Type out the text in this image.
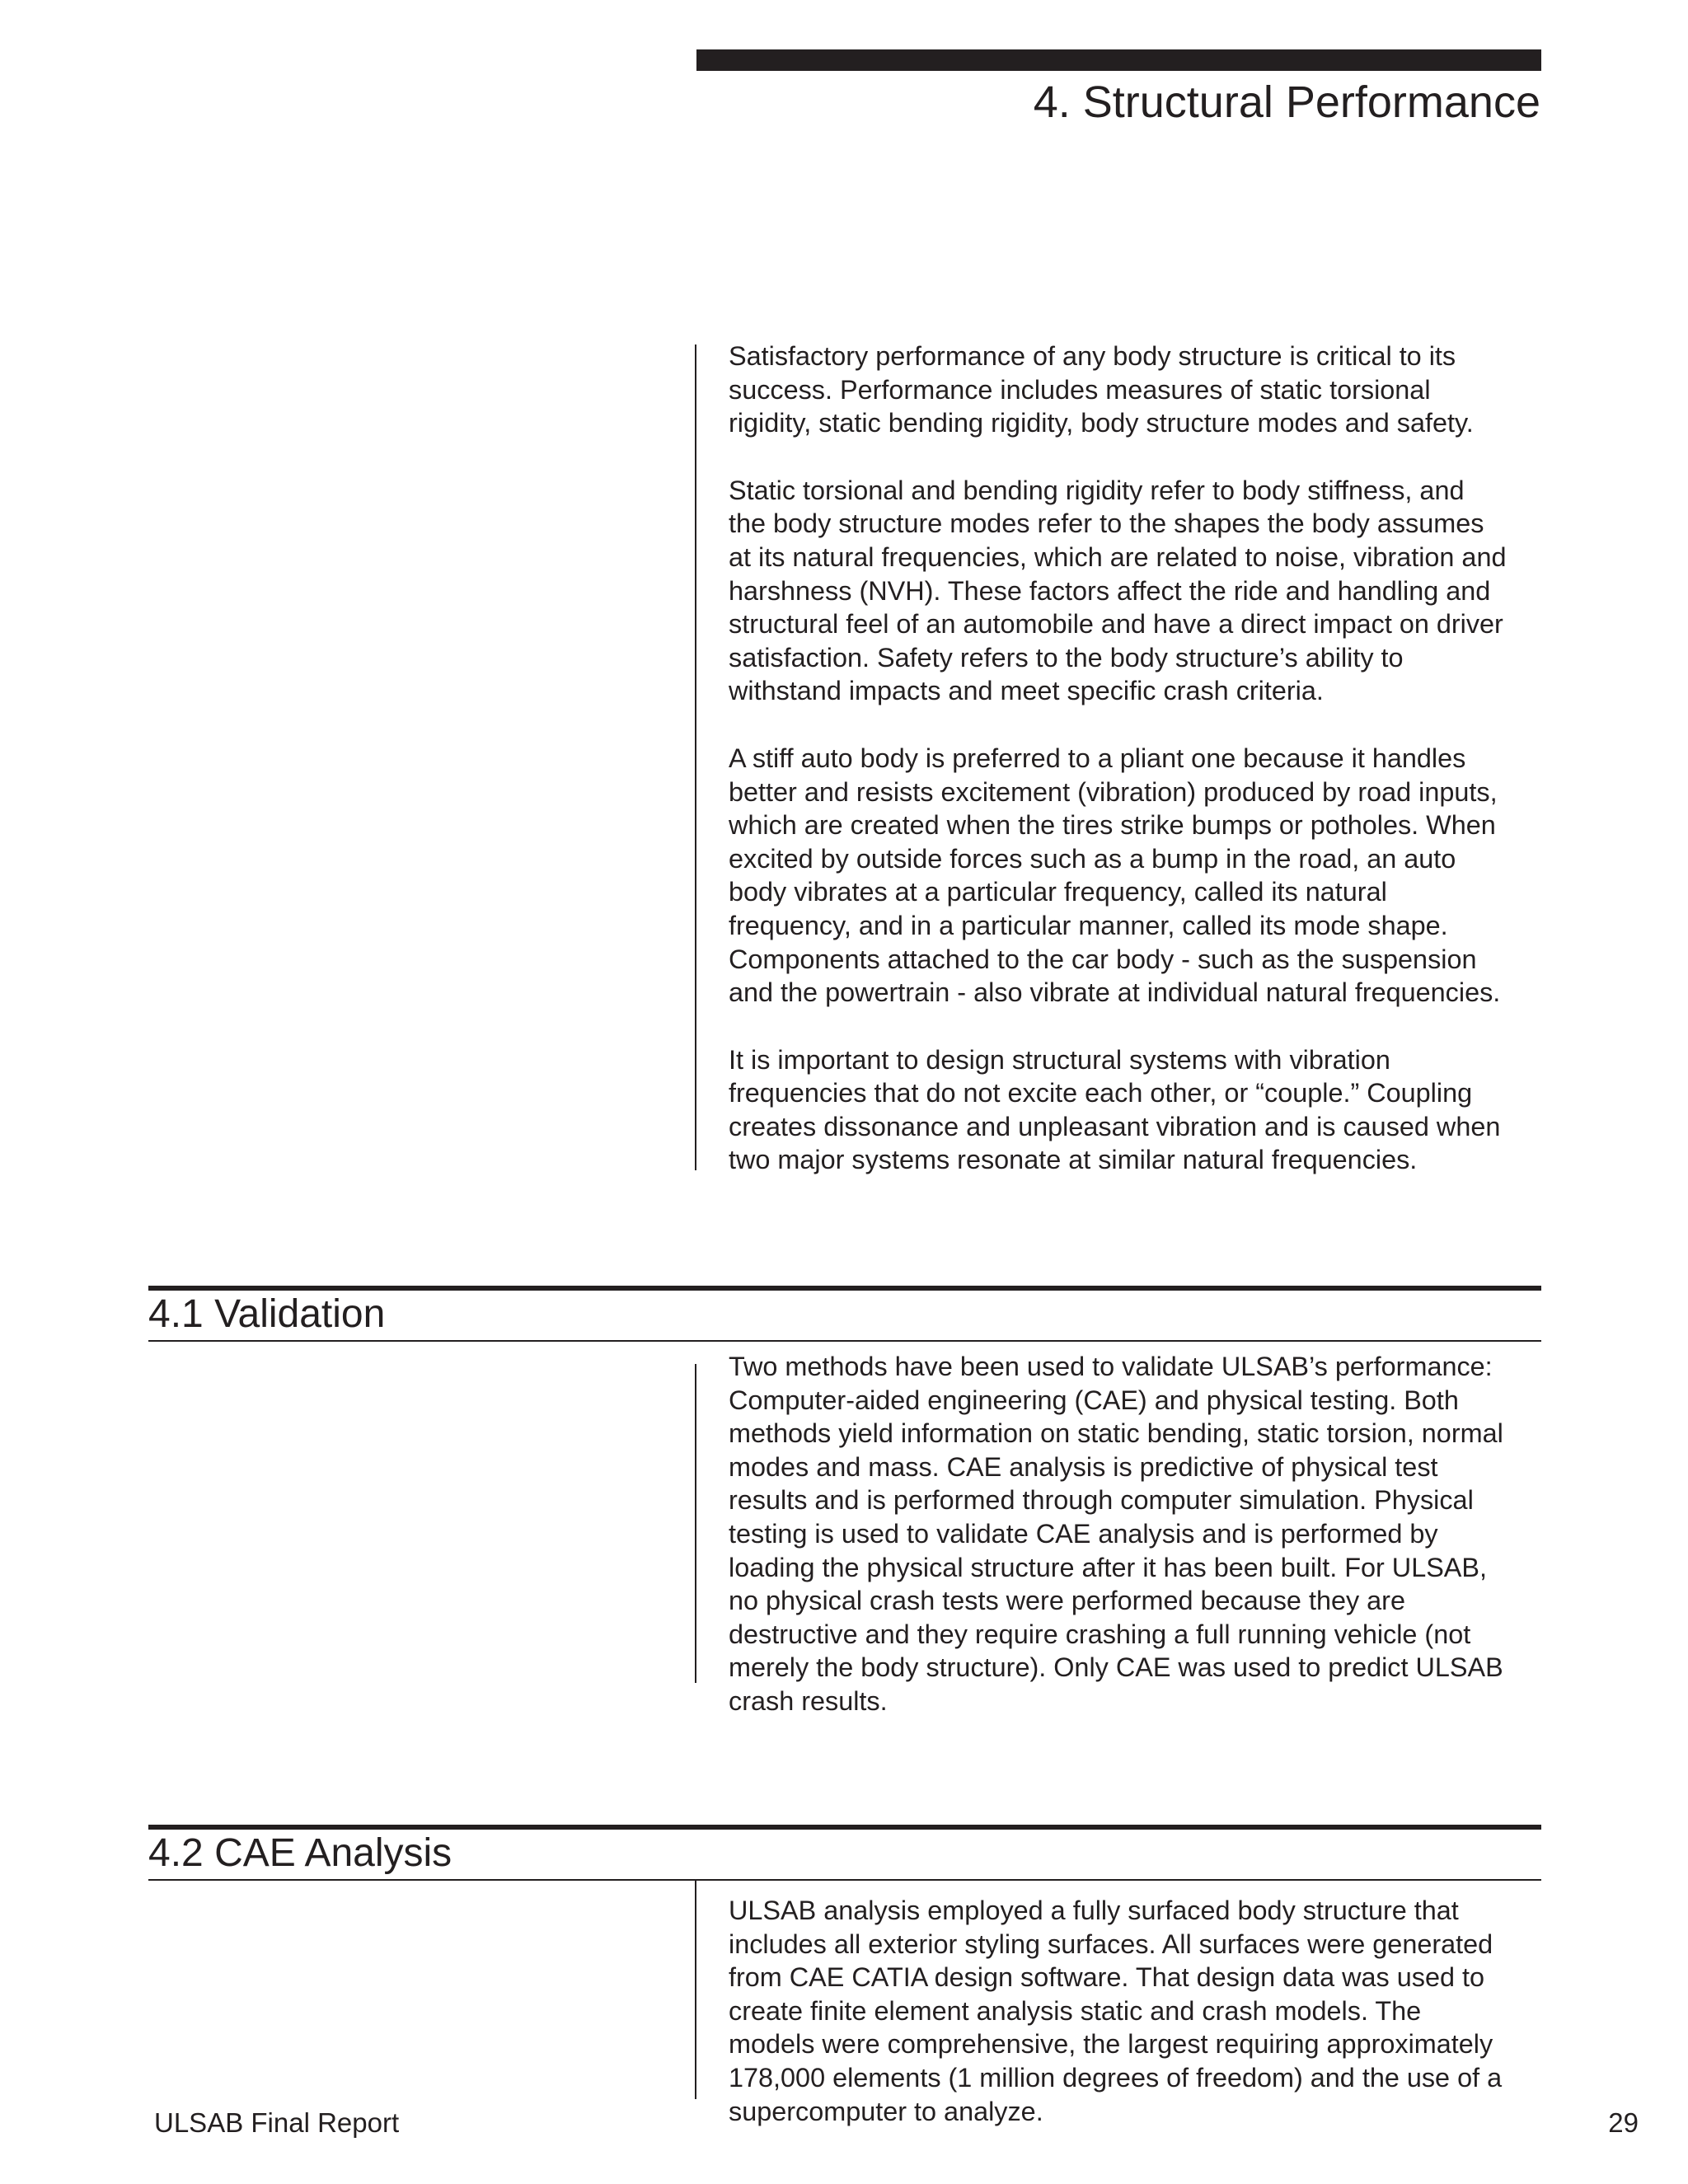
4. Structural Performance

Satisfactory performance of any body structure is critical to its
success. Performance includes measures of static torsional
rigidity, static bending rigidity, body structure modes and safety.

Static torsional and bending rigidity refer to body stiffness, and
the body structure modes refer to the shapes the body assumes
at its natural frequencies, which are related to noise, vibration and
harshness (NVH). These factors affect the ride and handling and
structural feel of an automobile and have a direct impact on driver
satisfaction. Safety refers to the body structure’s ability to
withstand impacts and meet specific crash criteria.

A stiff auto body is preferred to a pliant one because it handles
better and resists excitement (vibration) produced by road inputs,
which are created when the tires strike bumps or potholes. When
excited by outside forces such as a bump in the road, an auto
body vibrates at a particular frequency, called its natural
frequency, and in a particular manner, called its mode shape.
Components attached to the car body - such as the suspension
and the powertrain - also vibrate at individual natural frequencies.

It is important to design structural systems with vibration
frequencies that do not excite each other, or “couple.” Coupling
creates dissonance and unpleasant vibration and is caused when
two major systems resonate at similar natural frequencies.

4.1 Validation

Two methods have been used to validate ULSAB’s performance:
Computer-aided engineering (CAE) and physical testing. Both
methods yield information on static bending, static torsion, normal
modes and mass. CAE analysis is predictive of physical test
results and is performed through computer simulation. Physical
testing is used to validate CAE analysis and is performed by
loading the physical structure after it has been built. For ULSAB,
no physical crash tests were performed because they are
destructive and they require crashing a full running vehicle (not
merely the body structure). Only CAE was used to predict ULSAB
crash results.

4.2 CAE Analysis

ULSAB analysis employed a fully surfaced body structure that
includes all exterior styling surfaces. All surfaces were generated
from CAE CATIA design software. That design data was used to
create finite element analysis static and crash models. The
models were comprehensive, the largest requiring approximately
178,000 elements (1 million degrees of freedom) and the use of a
supercomputer to analyze.

ULSAB Final Report	29
